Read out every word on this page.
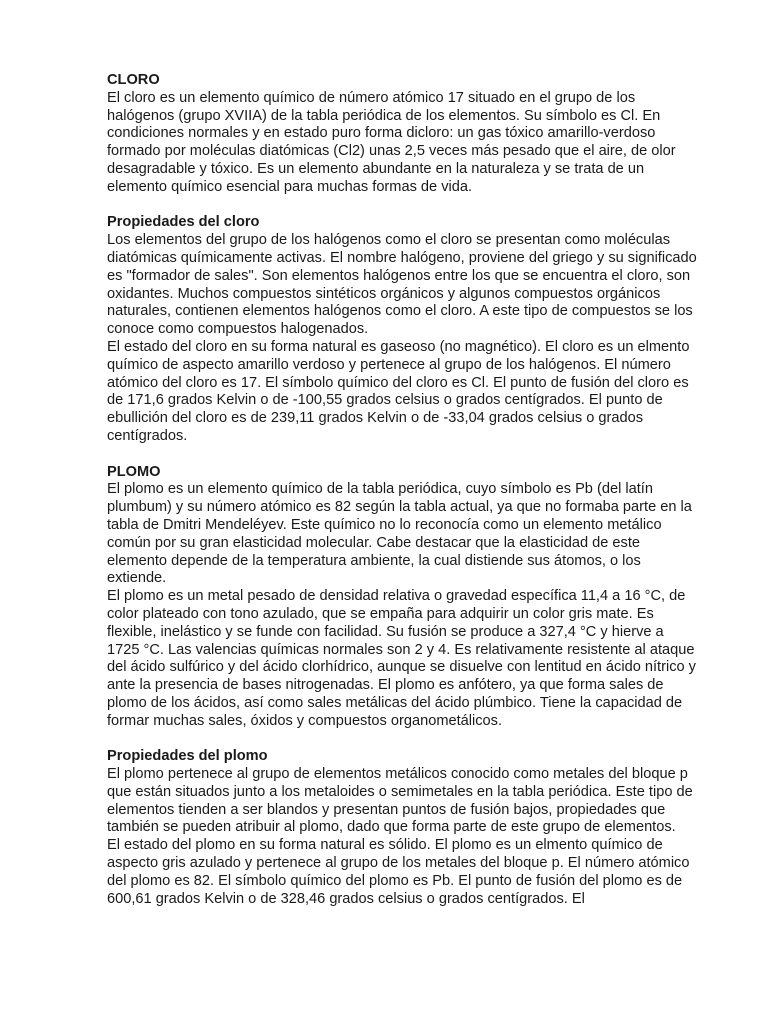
CLORO

El cloro es un elemento químico de número atómico 17 situado en el grupo de los halógenos (grupo XVIIA) de la tabla periódica de los elementos. Su símbolo es Cl. En condiciones normales y en estado puro forma dicloro: un gas tóxico amarillo-verdoso formado por moléculas diatómicas (Cl2) unas 2,5 veces más pesado que el aire, de olor desagradable y tóxico. Es un elemento abundante en la naturaleza y se trata de un elemento químico esencial para muchas formas de vida.

Propiedades del cloro

Los elementos del grupo de los halógenos como el cloro se presentan como moléculas diatómicas químicamente activas. El nombre halógeno, proviene del griego y su significado es "formador de sales". Son elementos halógenos entre los que se encuentra el cloro, son oxidantes. Muchos compuestos sintéticos orgánicos y algunos compuestos orgánicos naturales, contienen elementos halógenos como el cloro. A este tipo de compuestos se los conoce como compuestos halogenados.

El estado del cloro en su forma natural es gaseoso (no magnético). El cloro es un elmento químico de aspecto amarillo verdoso y pertenece al grupo de los halógenos. El número atómico del cloro es 17. El símbolo químico del cloro es Cl. El punto de fusión del cloro es de 171,6 grados Kelvin o de -100,55 grados celsius o grados centígrados. El punto de ebullición del cloro es de 239,11 grados Kelvin o de -33,04 grados celsius o grados centígrados.

PLOMO

El plomo es un elemento químico de la tabla periódica, cuyo símbolo es Pb (del latín plumbum) y su número atómico es 82 según la tabla actual, ya que no formaba parte en la tabla de Dmitri Mendeléyev. Este químico no lo reconocía como un elemento metálico común por su gran elasticidad molecular. Cabe destacar que la elasticidad de este elemento depende de la temperatura ambiente, la cual distiende sus átomos, o los extiende.

El plomo es un metal pesado de densidad relativa o gravedad específica 11,4 a 16 °C, de color plateado con tono azulado, que se empaña para adquirir un color gris mate. Es flexible, inelástico y se funde con facilidad. Su fusión se produce a 327,4 °C y hierve a 1725 °C. Las valencias químicas normales son 2 y 4. Es relativamente resistente al ataque del ácido sulfúrico y del ácido clorhídrico, aunque se disuelve con lentitud en ácido nítrico y ante la presencia de bases nitrogenadas. El plomo es anfótero, ya que forma sales de plomo de los ácidos, así como sales metálicas del ácido plúmbico. Tiene la capacidad de formar muchas sales, óxidos y compuestos organometálicos.

Propiedades del plomo

El plomo pertenece al grupo de elementos metálicos conocido como metales del bloque p que están situados junto a los metaloides o semimetales en la tabla periódica. Este tipo de elementos tienden a ser blandos y presentan puntos de fusión bajos, propiedades que también se pueden atribuir al plomo, dado que forma parte de este grupo de elementos.

El estado del plomo en su forma natural es sólido. El plomo es un elmento químico de aspecto gris azulado y pertenece al grupo de los metales del bloque p. El número atómico del plomo es 82. El símbolo químico del plomo es Pb. El punto de fusión del plomo es de 600,61 grados Kelvin o de 328,46 grados celsius o grados centígrados. El
